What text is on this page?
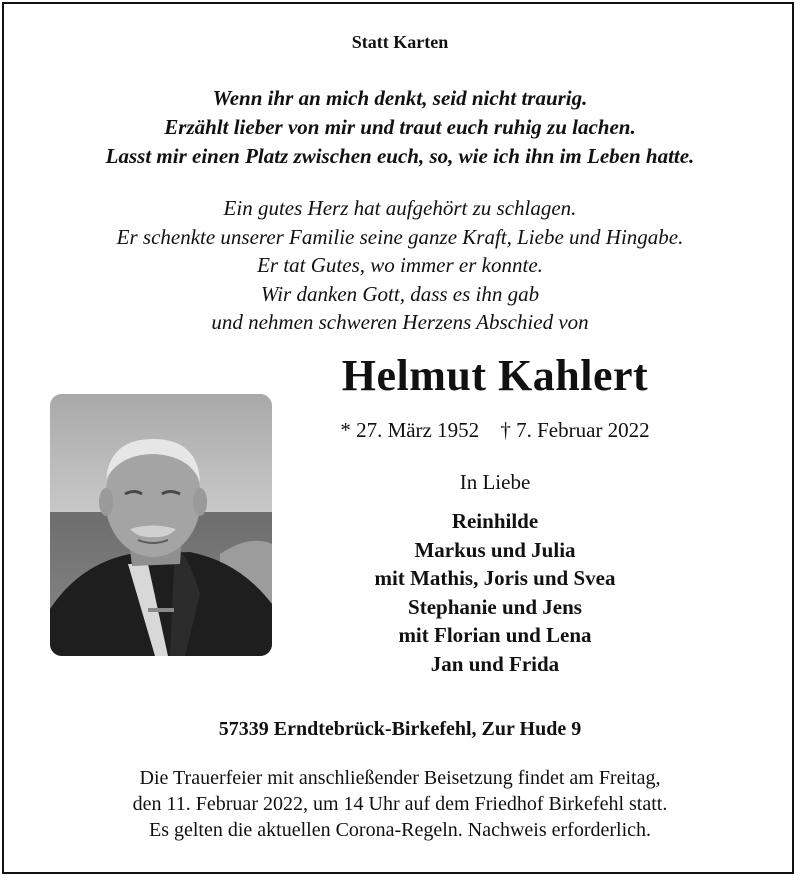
Statt Karten
Wenn ihr an mich denkt, seid nicht traurig.
Erzählt lieber von mir und traut euch ruhig zu lachen.
Lasst mir einen Platz zwischen euch, so, wie ich ihn im Leben hatte.
Ein gutes Herz hat aufgehört zu schlagen.
Er schenkte unserer Familie seine ganze Kraft, Liebe und Hingabe.
Er tat Gutes, wo immer er konnte.
Wir danken Gott, dass es ihn gab
und nehmen schweren Herzens Abschied von
Helmut Kahlert
* 27. März 1952 † 7. Februar 2022
In Liebe
Reinhilde
Markus und Julia
mit Mathis, Joris und Svea
Stephanie und Jens
mit Florian und Lena
Jan und Frida
57339 Erndtebrück-Birkefehl, Zur Hude 9
Die Trauerfeier mit anschließender Beisetzung findet am Freitag,
den 11. Februar 2022, um 14 Uhr auf dem Friedhof Birkefehl statt.
Es gelten die aktuellen Corona-Regeln. Nachweis erforderlich.
